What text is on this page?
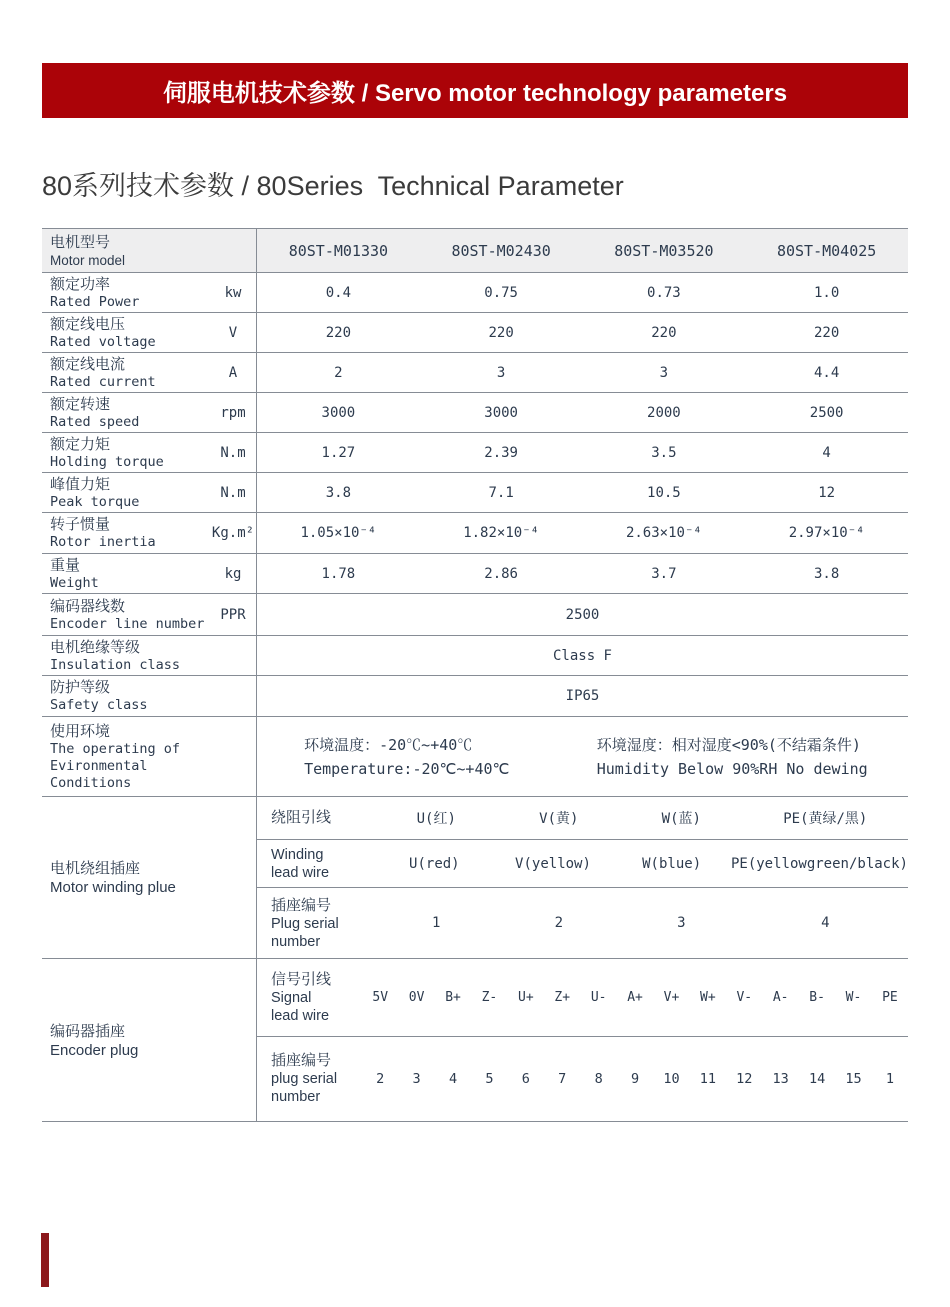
伺服电机技术参数 / Servo motor technology parameters
80系列技术参数 / 80Series  Technical Parameter
电机型号
Motor model
80ST-M01330	80ST-M02430	80ST-M03520	80ST-M04025
额定功率
Rated Power
kw	0.4	0.75	0.73	1.0
额定线电压
Rated voltage
V	220	220	220	220
额定线电流
Rated current
A	2	3	3	4.4
额定转速
Rated speed
rpm	3000	3000	2000	2500
额定力矩
Holding torque
N.m	1.27	2.39	3.5	4
峰值力矩
Peak torque
N.m	3.8	7.1	10.5	12
转子惯量
Rotor inertia
Kg.m²	1.05×10⁻⁴	1.82×10⁻⁴	2.63×10⁻⁴	2.97×10⁻⁴
重量
Weight
kg	1.78	2.86	3.7	3.8
编码器线数
Encoder line number
PPR	2500
电机绝缘等级
Insulation class
Class F
防护等级
Safety class
IP65
使用环境
The operating of
Evironmental Conditions
环境温度：-20℃~+40℃
Temperature:-20℃~+40℃
环境湿度：相对湿度<90%(不结霜条件)
Humidity Below 90%RH No dewing
电机绕组插座
Motor winding plue
绕阻引线	U(红)	V(黄)	W(蓝)	PE(黄绿/黑)
Winding
lead wire
U(red)	V(yellow)	W(blue)	PE(yellowgreen/black)
插座编号
Plug serial
number
1	2	3	4
编码器插座
Encoder plug
信号引线
Signal
lead wire
5V	0V	B+	Z-	U+	Z+	U-	A+	V+	W+	V-	A-	B-	W-	PE
插座编号
plug serial
number
2	3	4	5	6	7	8	9	10	11	12	13	14	15	1
